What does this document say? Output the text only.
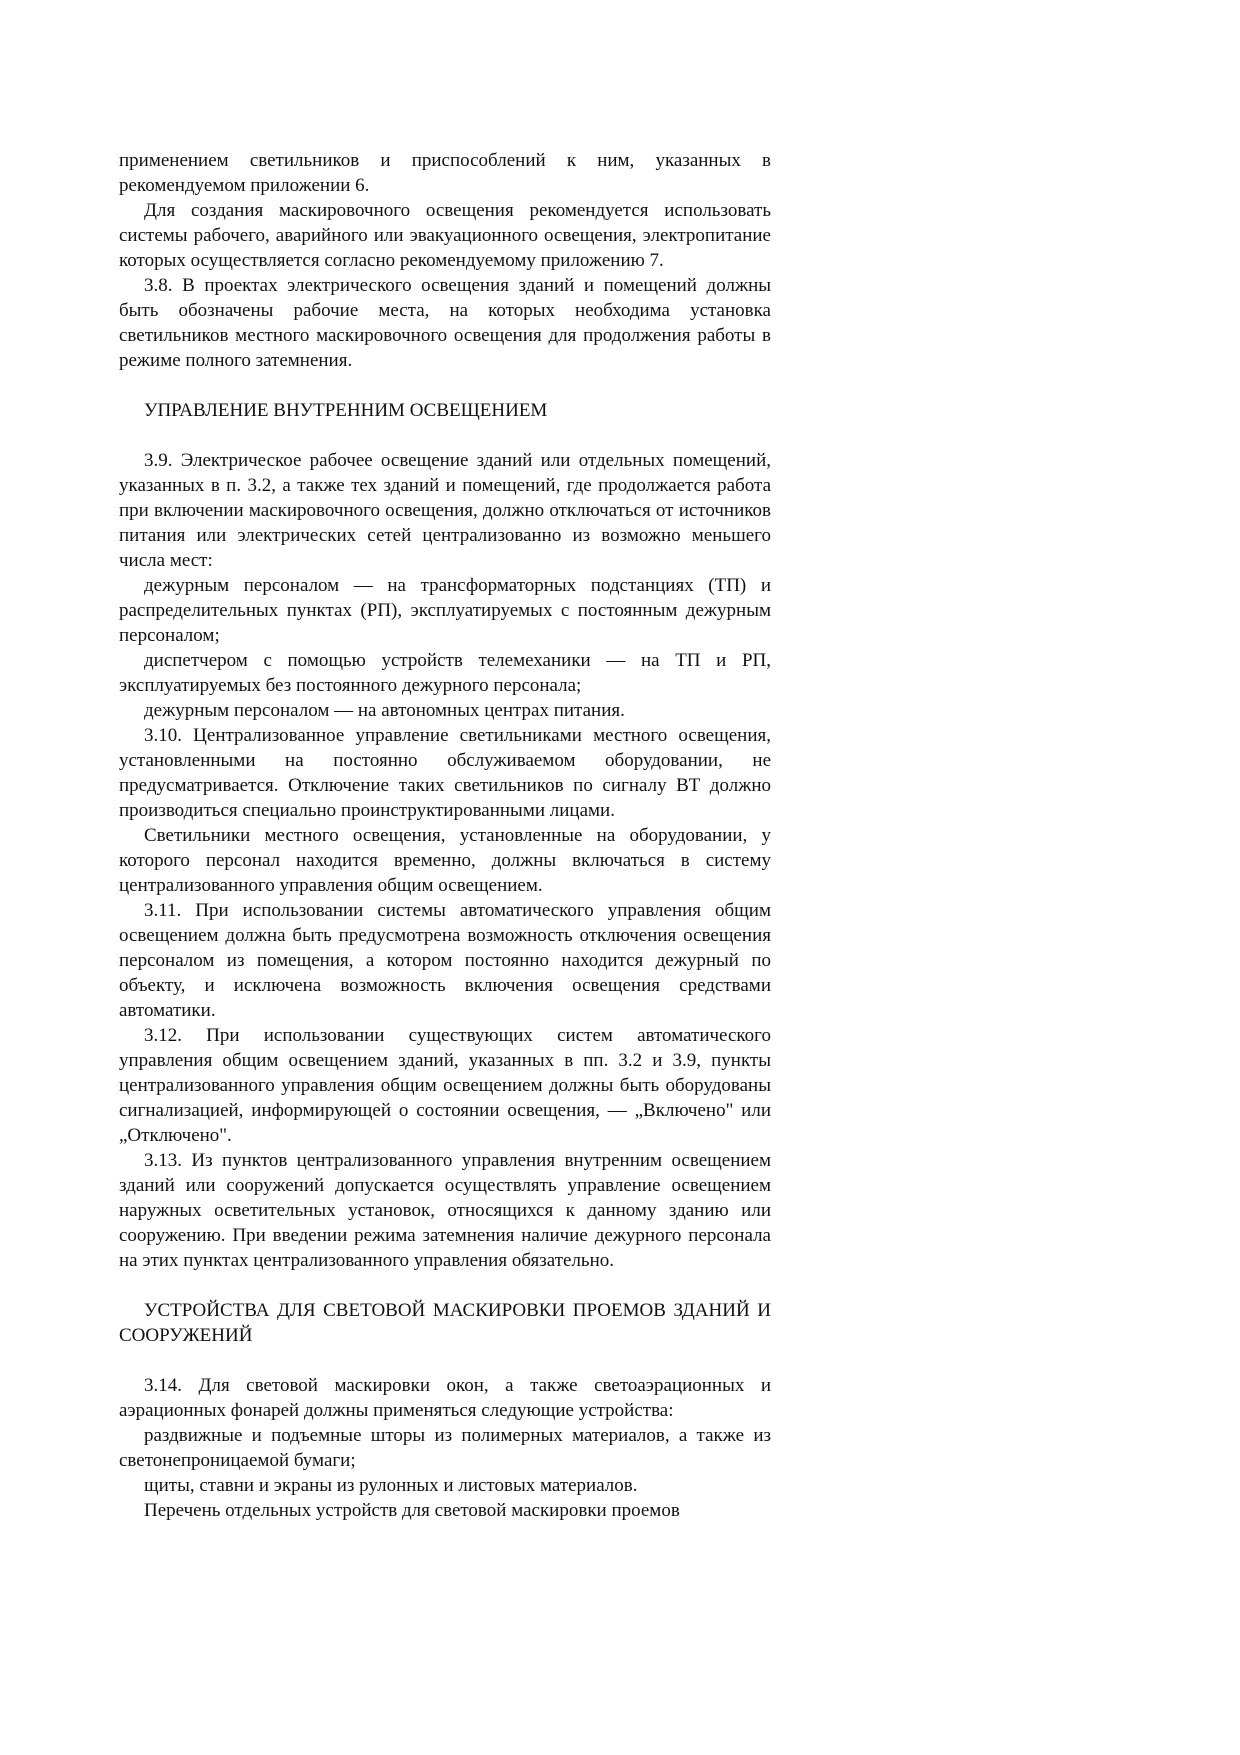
применением светильников и приспособлений к ним, указанных в рекомендуемом приложении 6.

Для создания маскировочного освещения рекомендуется использовать системы рабочего, аварийного или эвакуационного освещения, электропитание которых осуществляется согласно рекомендуемому приложению 7.

3.8. В проектах электрического освещения зданий и помещений должны быть обозначены рабочие места, на которых необходима установка светильников местного маскировочного освещения для продолжения работы в режиме полного затемнения.

УПРАВЛЕНИЕ ВНУТРЕННИМ ОСВЕЩЕНИЕМ

3.9. Электрическое рабочее освещение зданий или отдельных помещений, указанных в п. 3.2, а также тех зданий и помещений, где продолжается работа при включении маскировочного освещения, должно отключаться от источников питания или электрических сетей централизованно из возможно меньшего числа мест:

дежурным персоналом — на трансформаторных подстанциях (ТП) и распределительных пунктах (РП), эксплуатируемых с постоянным дежурным персоналом;

диспетчером с помощью устройств телемеханики — на ТП и РП, эксплуатируемых без постоянного дежурного персонала;

дежурным персоналом — на автономных центрах питания.

3.10. Централизованное управление светильниками местного освещения, установленными на постоянно обслуживаемом оборудовании, не предусматривается. Отключение таких светильников по сигналу ВТ должно производиться специально проинструктированными лицами.

Светильники местного освещения, установленные на оборудовании, у которого персонал находится временно, должны включаться в систему централизованного управления общим освещением.

3.11. При использовании системы автоматического управления общим освещением должна быть предусмотрена возможность отключения освещения персоналом из помещения, а котором постоянно находится дежурный по объекту, и исключена возможность включения освещения средствами автоматики.

3.12. При использовании существующих систем автоматического управления общим освещением зданий, указанных в пп. 3.2 и 3.9, пункты централизованного управления общим освещением должны быть оборудованы сигнализацией, информирующей о состоянии освещения, — „Включено" или „Отключено".

3.13. Из пунктов централизованного управления внутренним освещением зданий или сооружений допускается осуществлять управление освещением наружных осветительных установок, относящихся к данному зданию или сооружению. При введении режима затемнения наличие дежурного персонала на этих пунктах централизованного управления обязательно.

УСТРОЙСТВА ДЛЯ СВЕТОВОЙ МАСКИРОВКИ ПРОЕМОВ ЗДАНИЙ И СООРУЖЕНИЙ

3.14. Для световой маскировки окон, а также светоаэрационных и аэрационных фонарей должны применяться следующие устройства:

раздвижные и подъемные шторы из полимерных материалов, а также из светонепроницаемой бумаги;

щиты, ставни и экраны из рулонных и листовых материалов.

Перечень отдельных устройств для световой маскировки проемов
